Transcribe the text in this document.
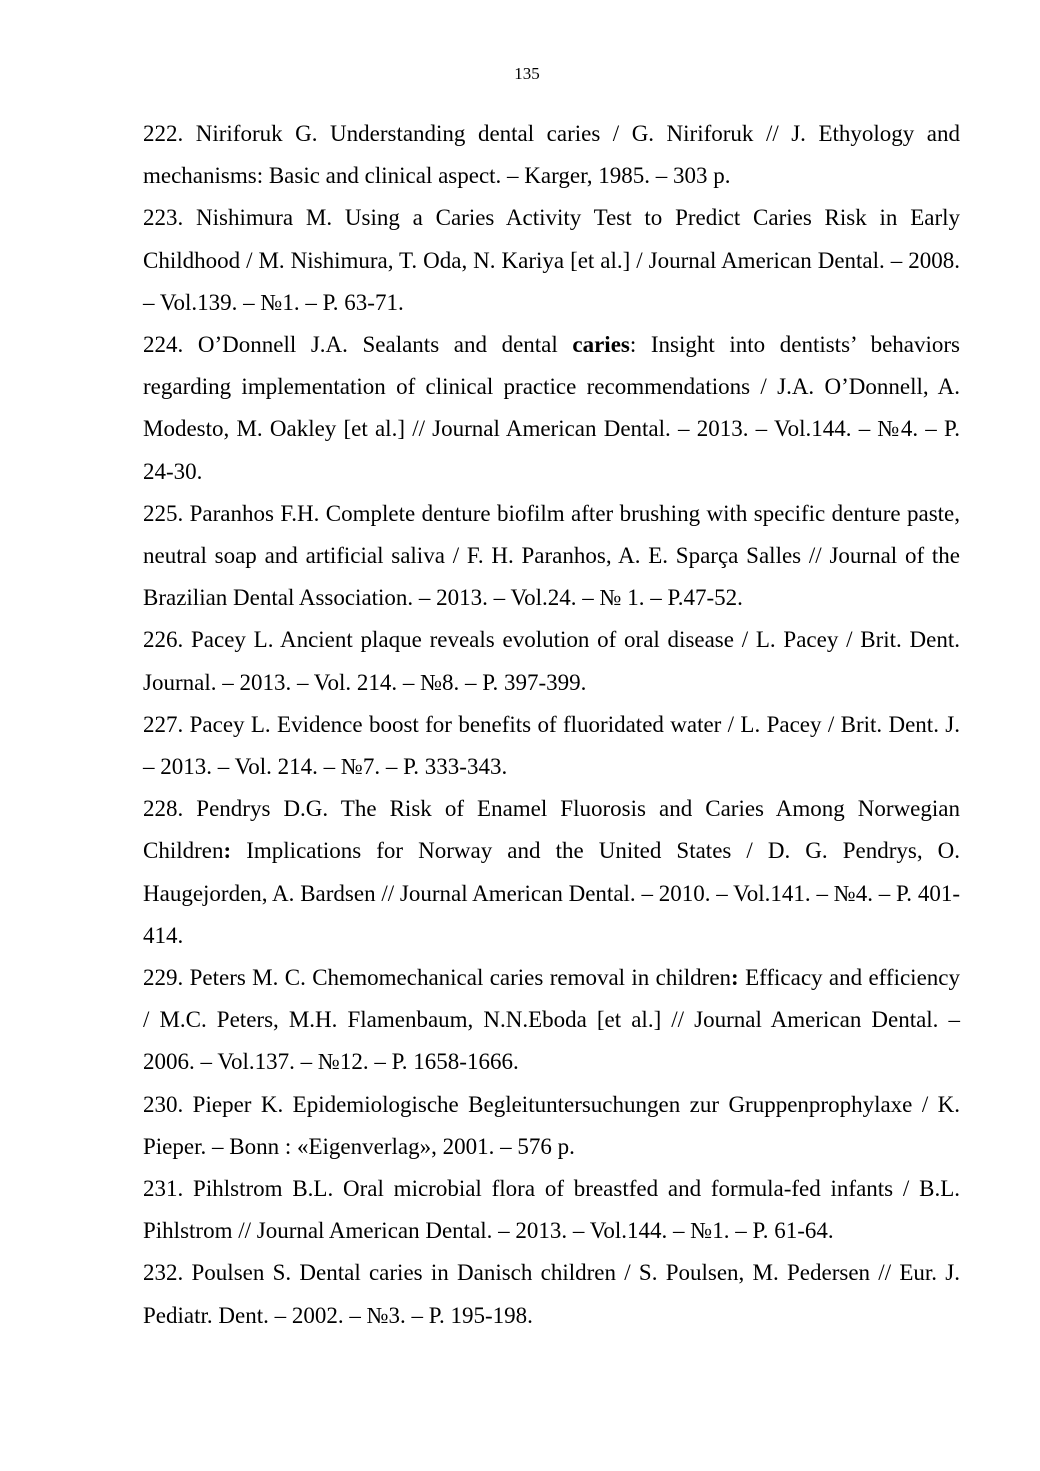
135
222. Niriforuk G. Understanding dental caries / G. Niriforuk // J. Ethyology and mechanisms: Basic and clinical aspect. – Karger, 1985. – 303 p.
223. Nishimura M. Using a Caries Activity Test to Predict Caries Risk in Early Childhood / M. Nishimura, T. Oda, N. Kariya [et al.] / Journal American Dental. – 2008. – Vol.139. – №1. – P. 63-71.
224. O’Donnell J.A. Sealants and dental caries: Insight into dentists’ behaviors regarding implementation of clinical practice recommendations / J.A. O’Donnell, A. Modesto, M. Oakley [et al.] // Journal American Dental. – 2013. – Vol.144. – №4. – P. 24-30.
225. Paranhos F.H. Complete denture biofilm after brushing with specific denture paste, neutral soap and artificial saliva / F. H. Paranhos, A. E. Sparça Salles // Journal of the Brazilian Dental Association. – 2013. – Vol.24. – № 1. – P.47-52.
226. Pacey L. Ancient plaque reveals evolution of oral disease / L. Pacey / Brit. Dent. Journal. – 2013. – Vol. 214. – №8. – P. 397-399.
227. Pacey L. Evidence boost for benefits of fluoridated water / L. Pacey / Brit. Dent. J. – 2013. – Vol. 214. – №7. – P. 333-343.
228. Pendrys D.G. The Risk of Enamel Fluorosis and Caries Among Norwegian Children: Implications for Norway and the United States / D. G. Pendrys, O. Haugejorden, A. Bardsen // Journal American Dental. – 2010. – Vol.141. – №4. – P. 401-414.
229. Peters M. C. Chemomechanical caries removal in children: Efficacy and efficiency / M.C. Peters, M.H. Flamenbaum, N.N.Eboda [et al.] // Journal American Dental. – 2006. – Vol.137. – №12. – P. 1658-1666.
230. Pieper K. Epidemiologische Begleituntersuchungen zur Gruppenprophylaxe / K. Pieper. – Bonn : «Eigenverlag», 2001. – 576 p.
231. Pihlstrom B.L. Oral microbial flora of breastfed and formula-fed infants / B.L. Pihlstrom // Journal American Dental. – 2013. – Vol.144. – №1. – P. 61-64.
232. Poulsen S. Dental caries in Danisch children / S. Poulsen, M. Pedersen // Eur. J. Pediatr. Dent. – 2002. – №3. – P. 195-198.
